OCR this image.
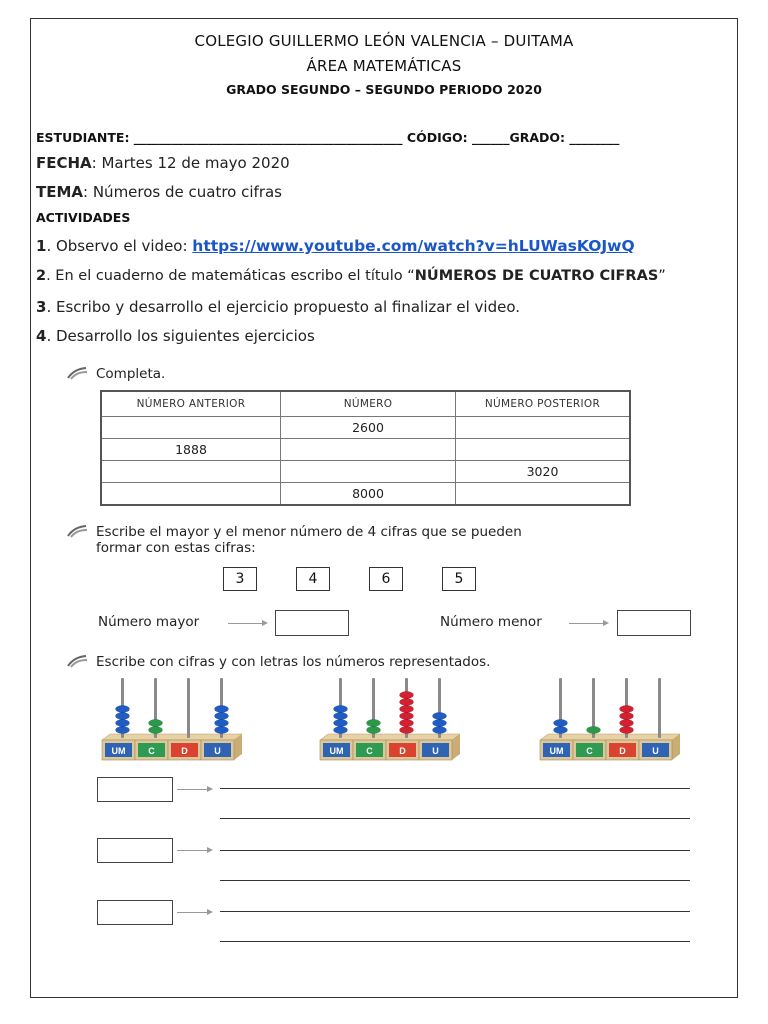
COLEGIO GUILLERMO LEÓN VALENCIA – DUITAMA
ÁREA MATEMÁTICAS
GRADO SEGUNDO – SEGUNDO PERIODO 2020
ESTUDIANTE: ___________________________________________ CÓDIGO: ______GRADO: ________
FECHA: Martes 12 de mayo 2020
TEMA: Números de cuatro cifras
ACTIVIDADES
1. Observo el video: https://www.youtube.com/watch?v=hLUWasKOJwQ
2. En el cuaderno de matemáticas escribo el título “NÚMEROS DE CUATRO CIFRAS”
3. Escribo y desarrollo el ejercicio propuesto al finalizar el video.
4. Desarrollo los siguientes ejercicios
Completa.
NÚMERO ANTERIOR	NÚMERO	NÚMERO POSTERIOR
	2600	
1888		
		3020
	8000	
Escribe el mayor y el menor número de 4 cifras que se pueden
formar con estas cifras:
3	4	6	5
Número mayor	Número menor
Escribe con cifras y con letras los números representados.
UM	C	D	U	UM	C	D	U	UM	C	D	U
